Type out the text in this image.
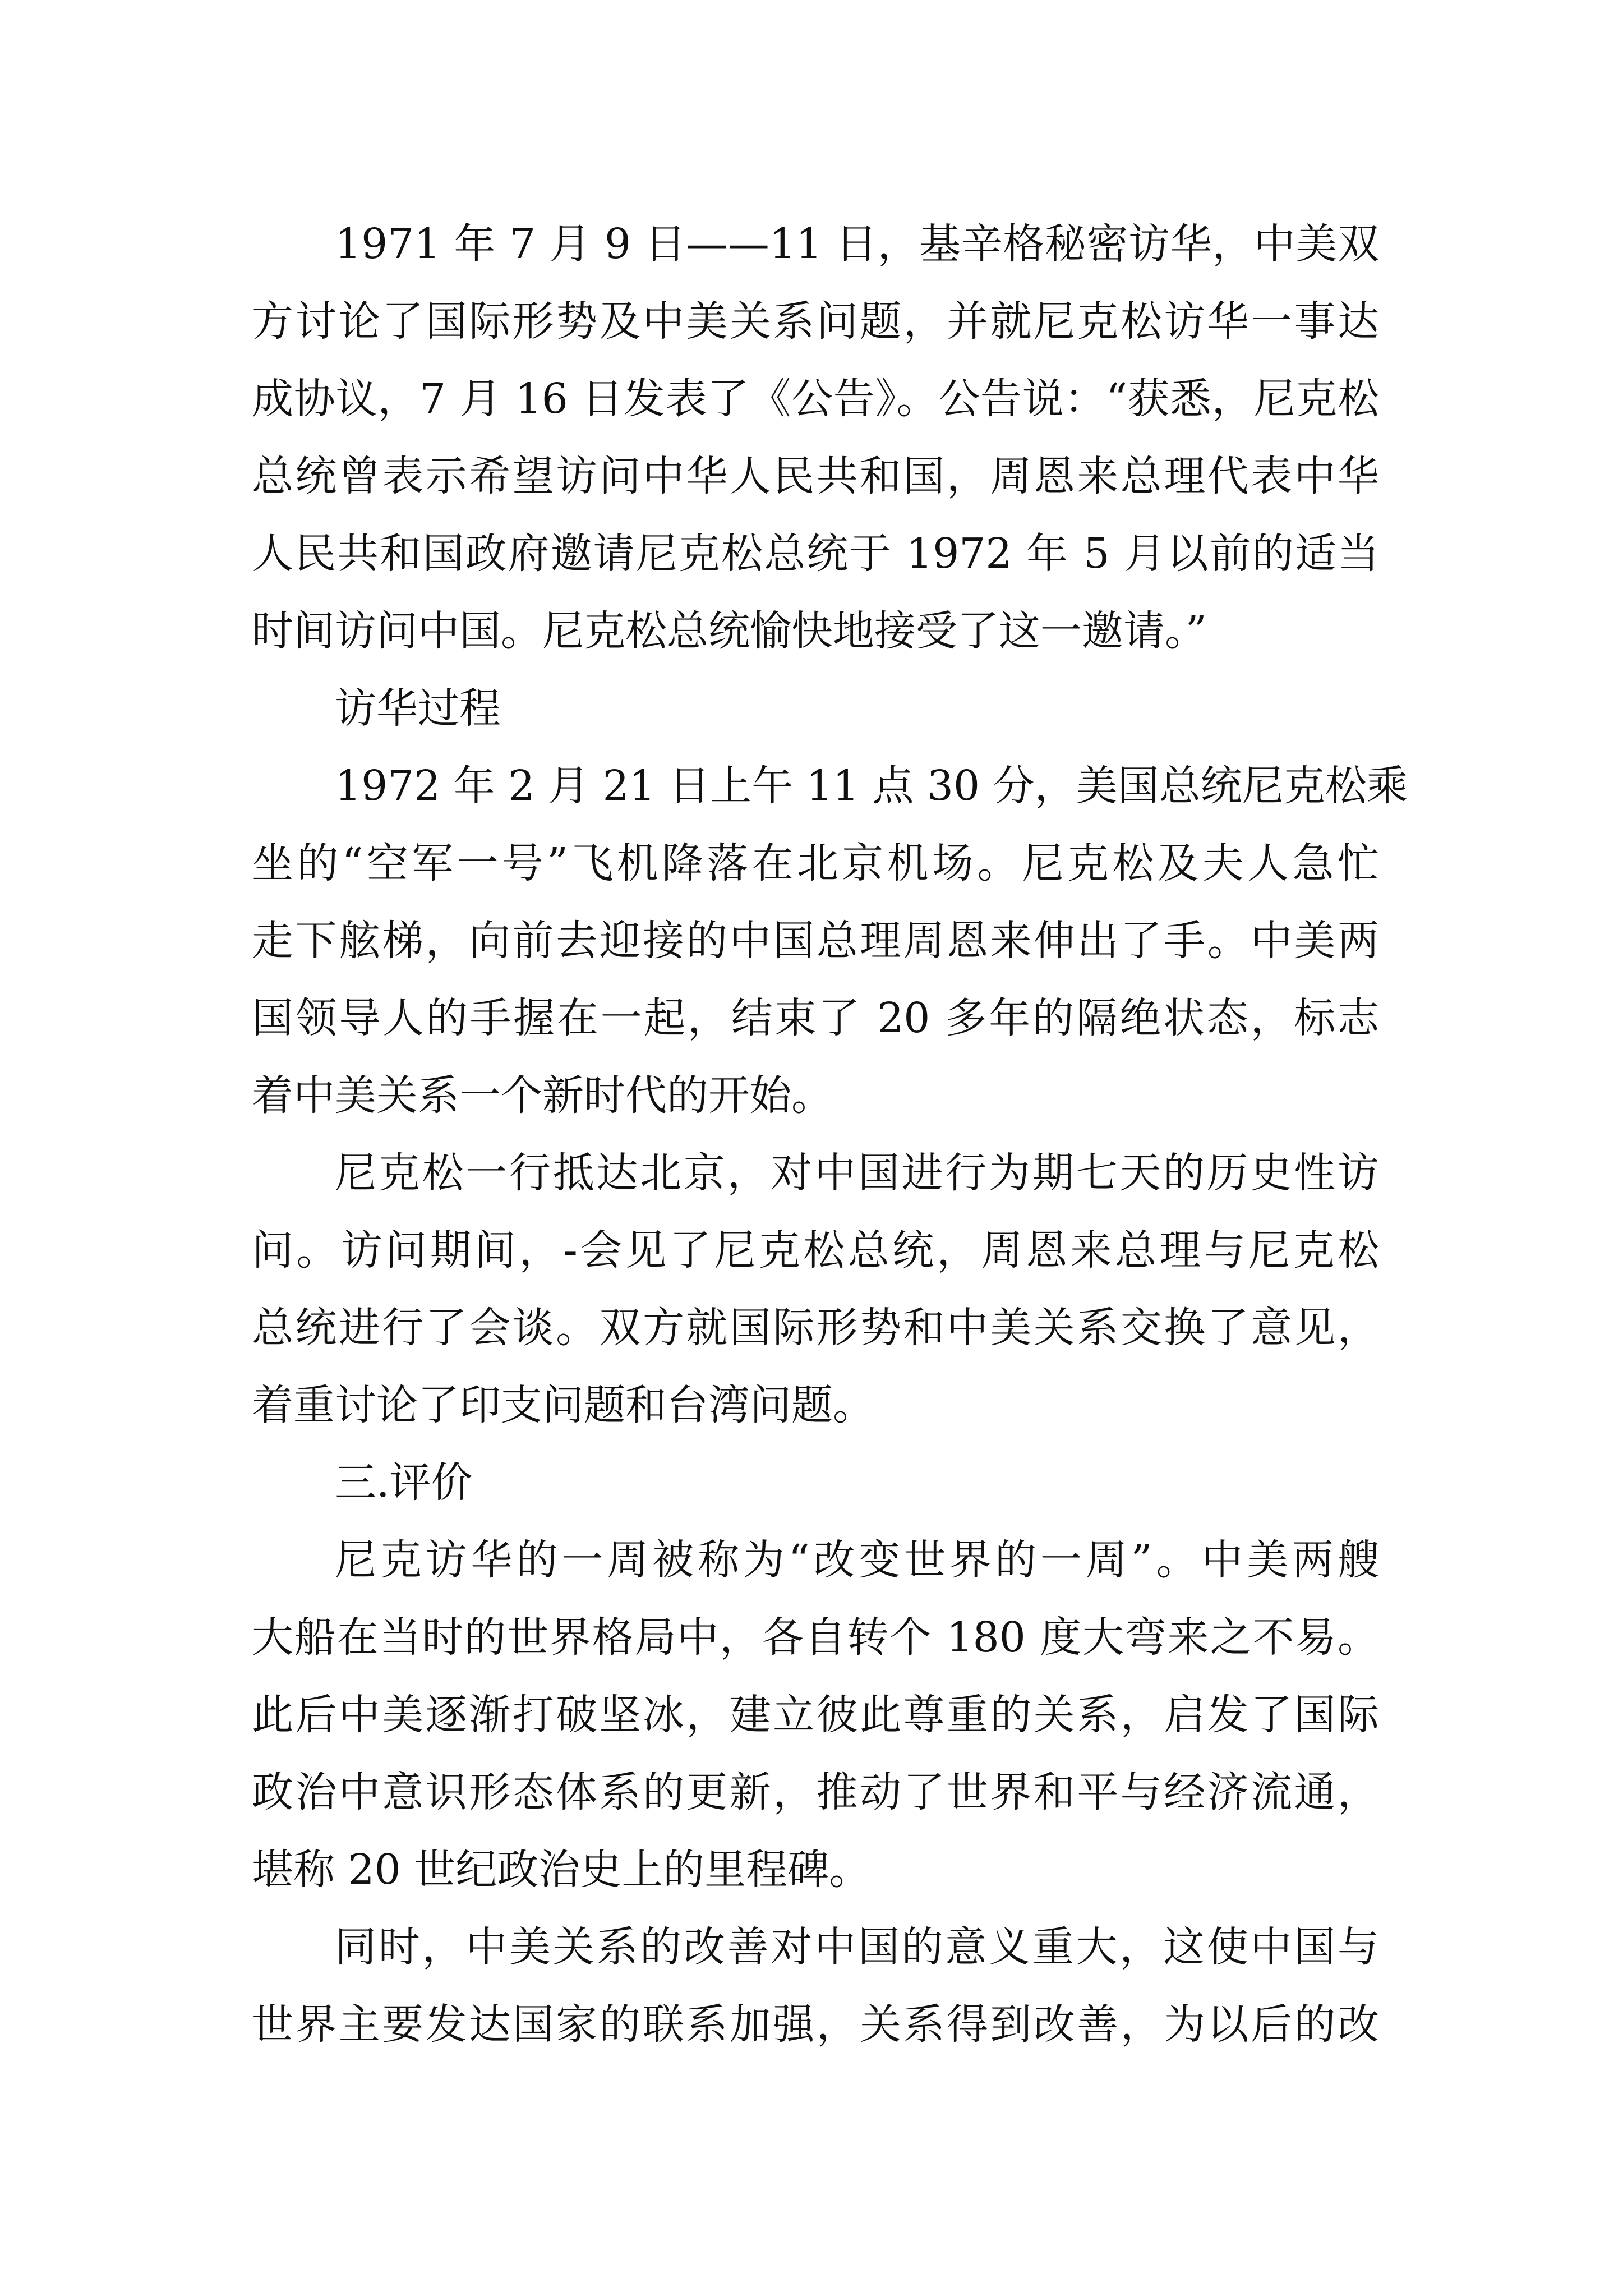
1971 年 7 月 9 日——11 日，基辛格秘密访华，中美双
方讨论了国际形势及中美关系问题，并就尼克松访华一事达
成协议，7 月 16 日发表了《公告》。公告说：“获悉，尼克松
总统曾表示希望访问中华人民共和国，周恩来总理代表中华
人民共和国政府邀请尼克松总统于 1972 年 5 月以前的适当
时间访问中国。尼克松总统愉快地接受了这一邀请。”
访华过程
1972 年 2 月 21 日上午 11 点 30 分，美国总统尼克松乘
坐的“空军一号”飞机降落在北京机场。尼克松及夫人急忙
走下舷梯，向前去迎接的中国总理周恩来伸出了手。中美两
国领导人的手握在一起，结束了 20 多年的隔绝状态，标志
着中美关系一个新时代的开始。
尼克松一行抵达北京，对中国进行为期七天的历史性访
问。访问期间，-会见了尼克松总统，周恩来总理与尼克松
总统进行了会谈。双方就国际形势和中美关系交换了意见，
着重讨论了印支问题和台湾问题。
三.评价
尼克访华的一周被称为“改变世界的一周”。中美两艘
大船在当时的世界格局中，各自转个 180 度大弯来之不易。
此后中美逐渐打破坚冰，建立彼此尊重的关系，启发了国际
政治中意识形态体系的更新，推动了世界和平与经济流通，
堪称 20 世纪政治史上的里程碑。
同时，中美关系的改善对中国的意义重大，这使中国与
世界主要发达国家的联系加强，关系得到改善，为以后的改
